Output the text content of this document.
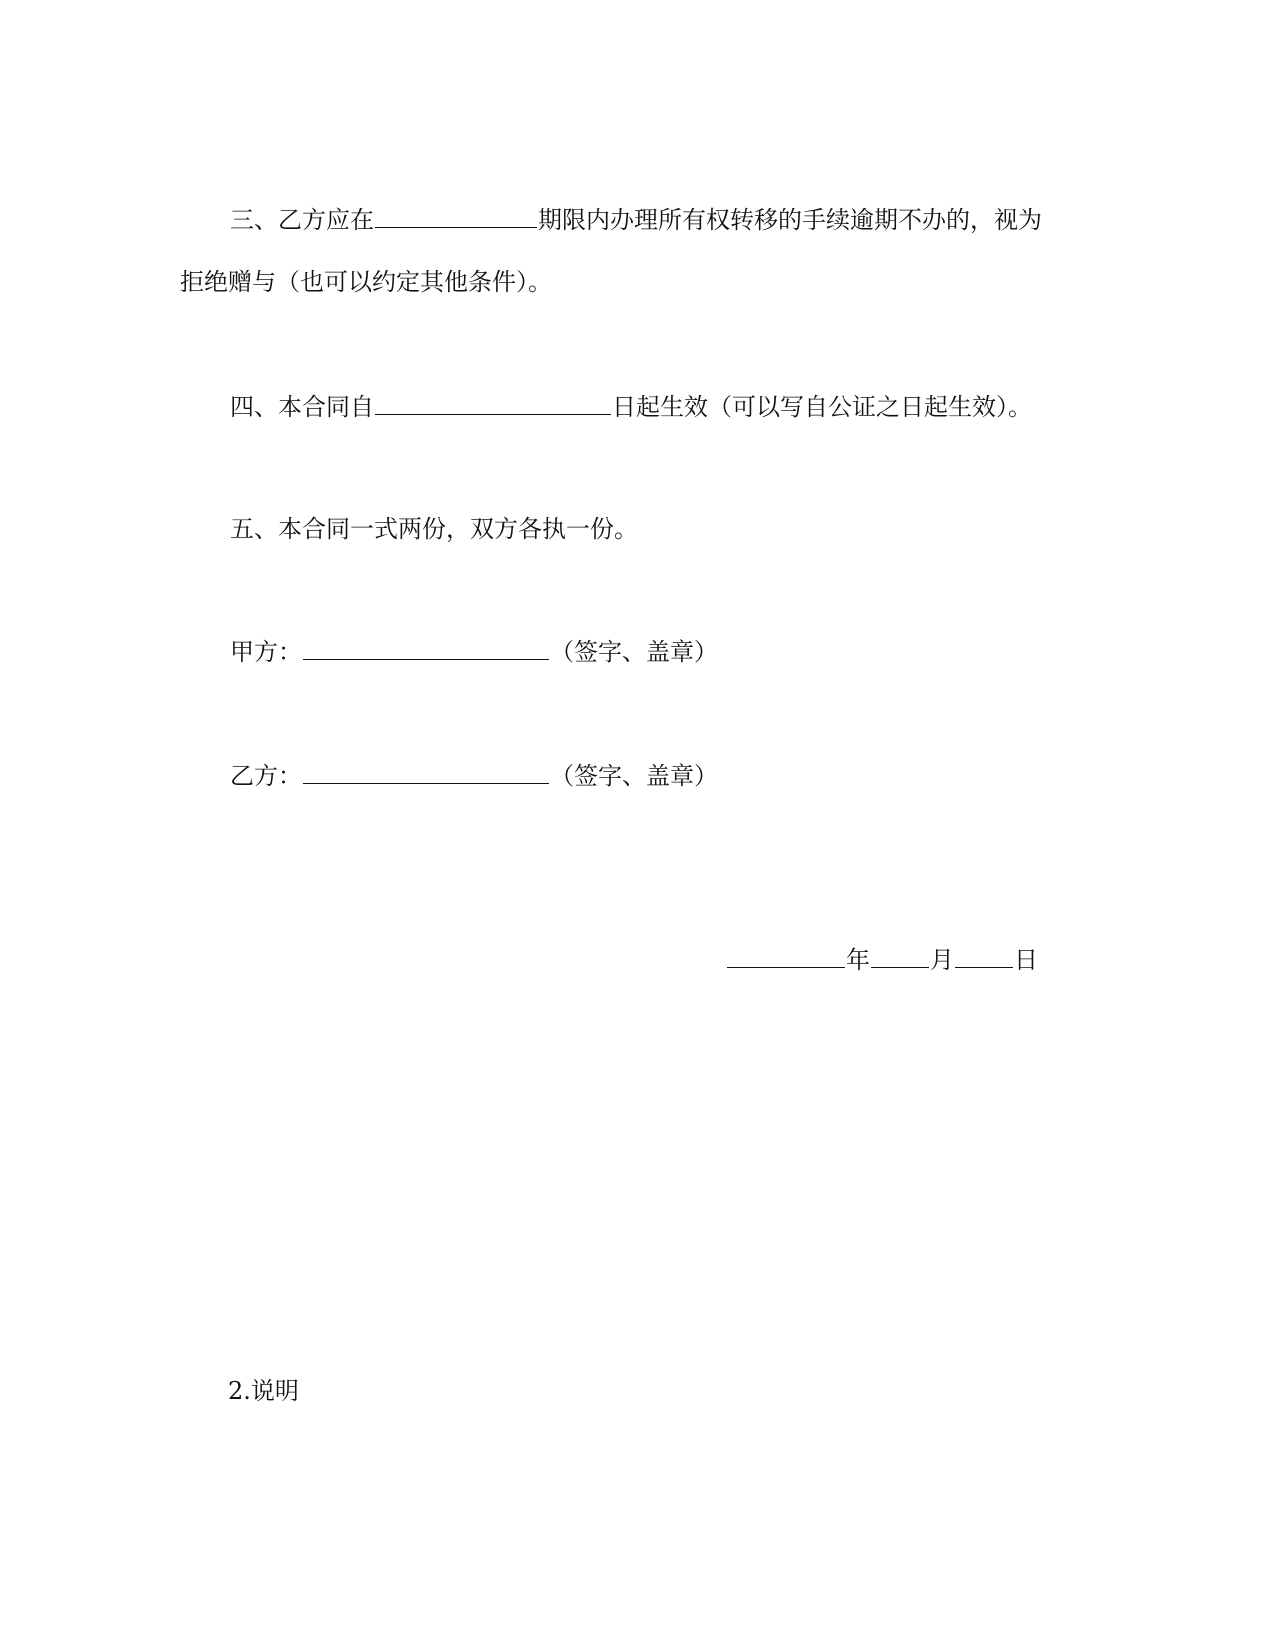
三、乙方应在	期限内办理所有权转移的手续逾期不办的，视为
拒绝赠与（也可以约定其他条件）。
四、本合同自	日起生效（可以写自公证之日起生效）。
五、本合同一式两份，双方各执一份。
甲方：	（签字、盖章）
乙方：	（签字、盖章）
年	月	日
2.说明
